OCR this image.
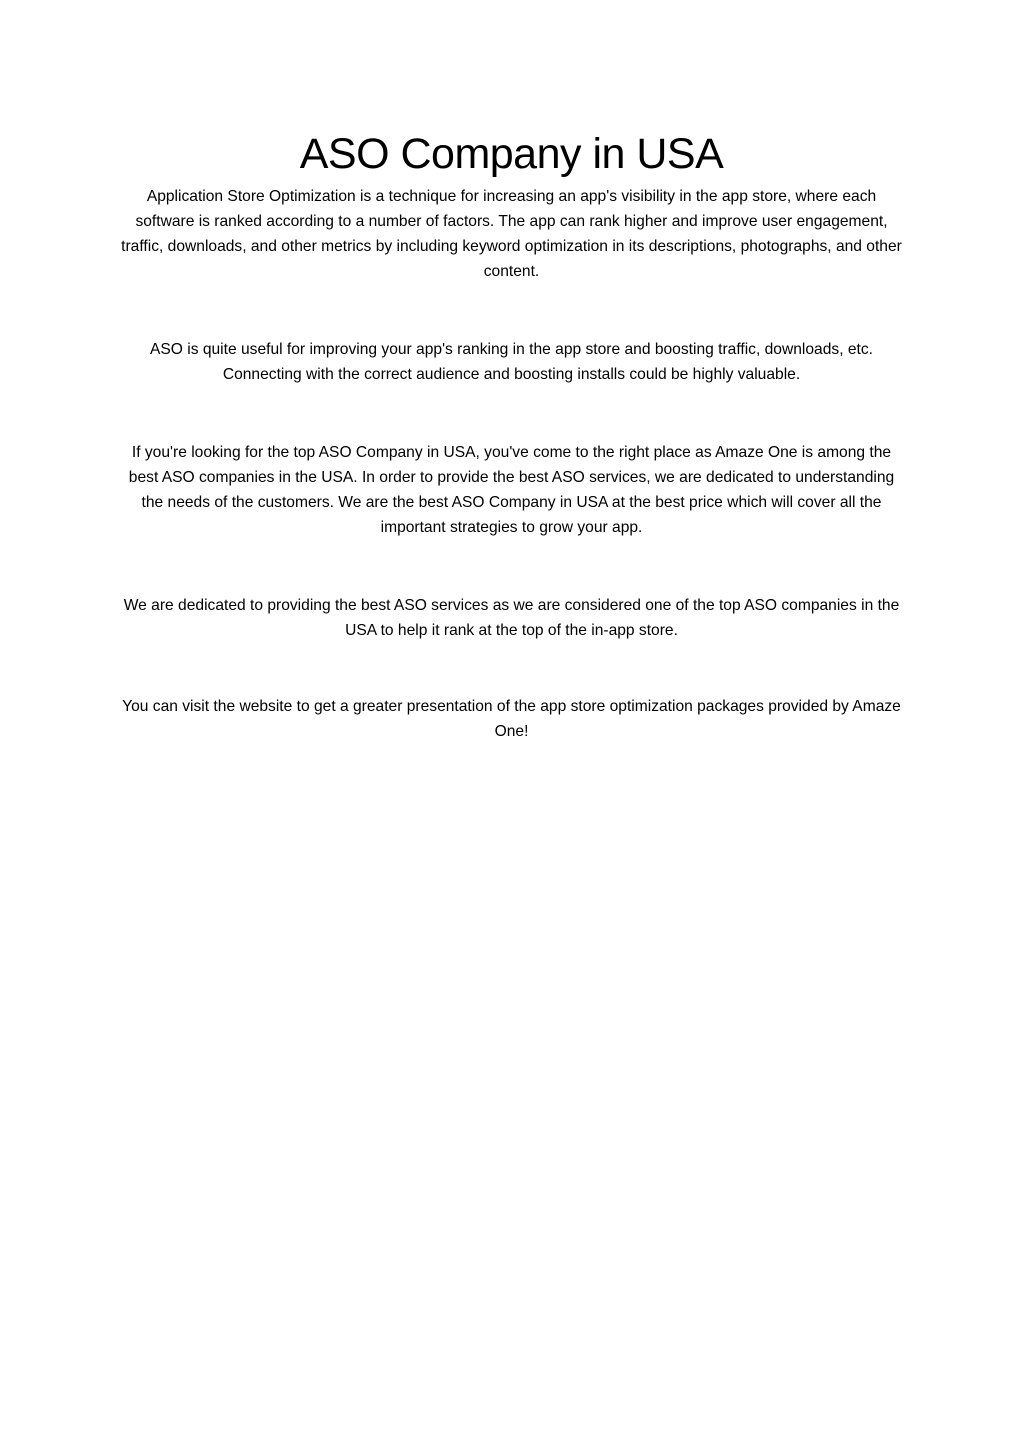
ASO Company in USA

Application Store Optimization is a technique for increasing an app's visibility in the app store, where each software is ranked according to a number of factors. The app can rank higher and improve user engagement, traffic, downloads, and other metrics by including keyword optimization in its descriptions, photographs, and other content.

ASO is quite useful for improving your app's ranking in the app store and boosting traffic, downloads, etc. Connecting with the correct audience and boosting installs could be highly valuable.

If you're looking for the top ASO Company in USA, you've come to the right place as Amaze One is among the best ASO companies in the USA. In order to provide the best ASO services, we are dedicated to understanding the needs of the customers. We are the best ASO Company in USA at the best price which will cover all the important strategies to grow your app.

We are dedicated to providing the best ASO services as we are considered one of the top ASO companies in the USA to help it rank at the top of the in-app store.

You can visit the website to get a greater presentation of the app store optimization packages provided by Amaze One!
